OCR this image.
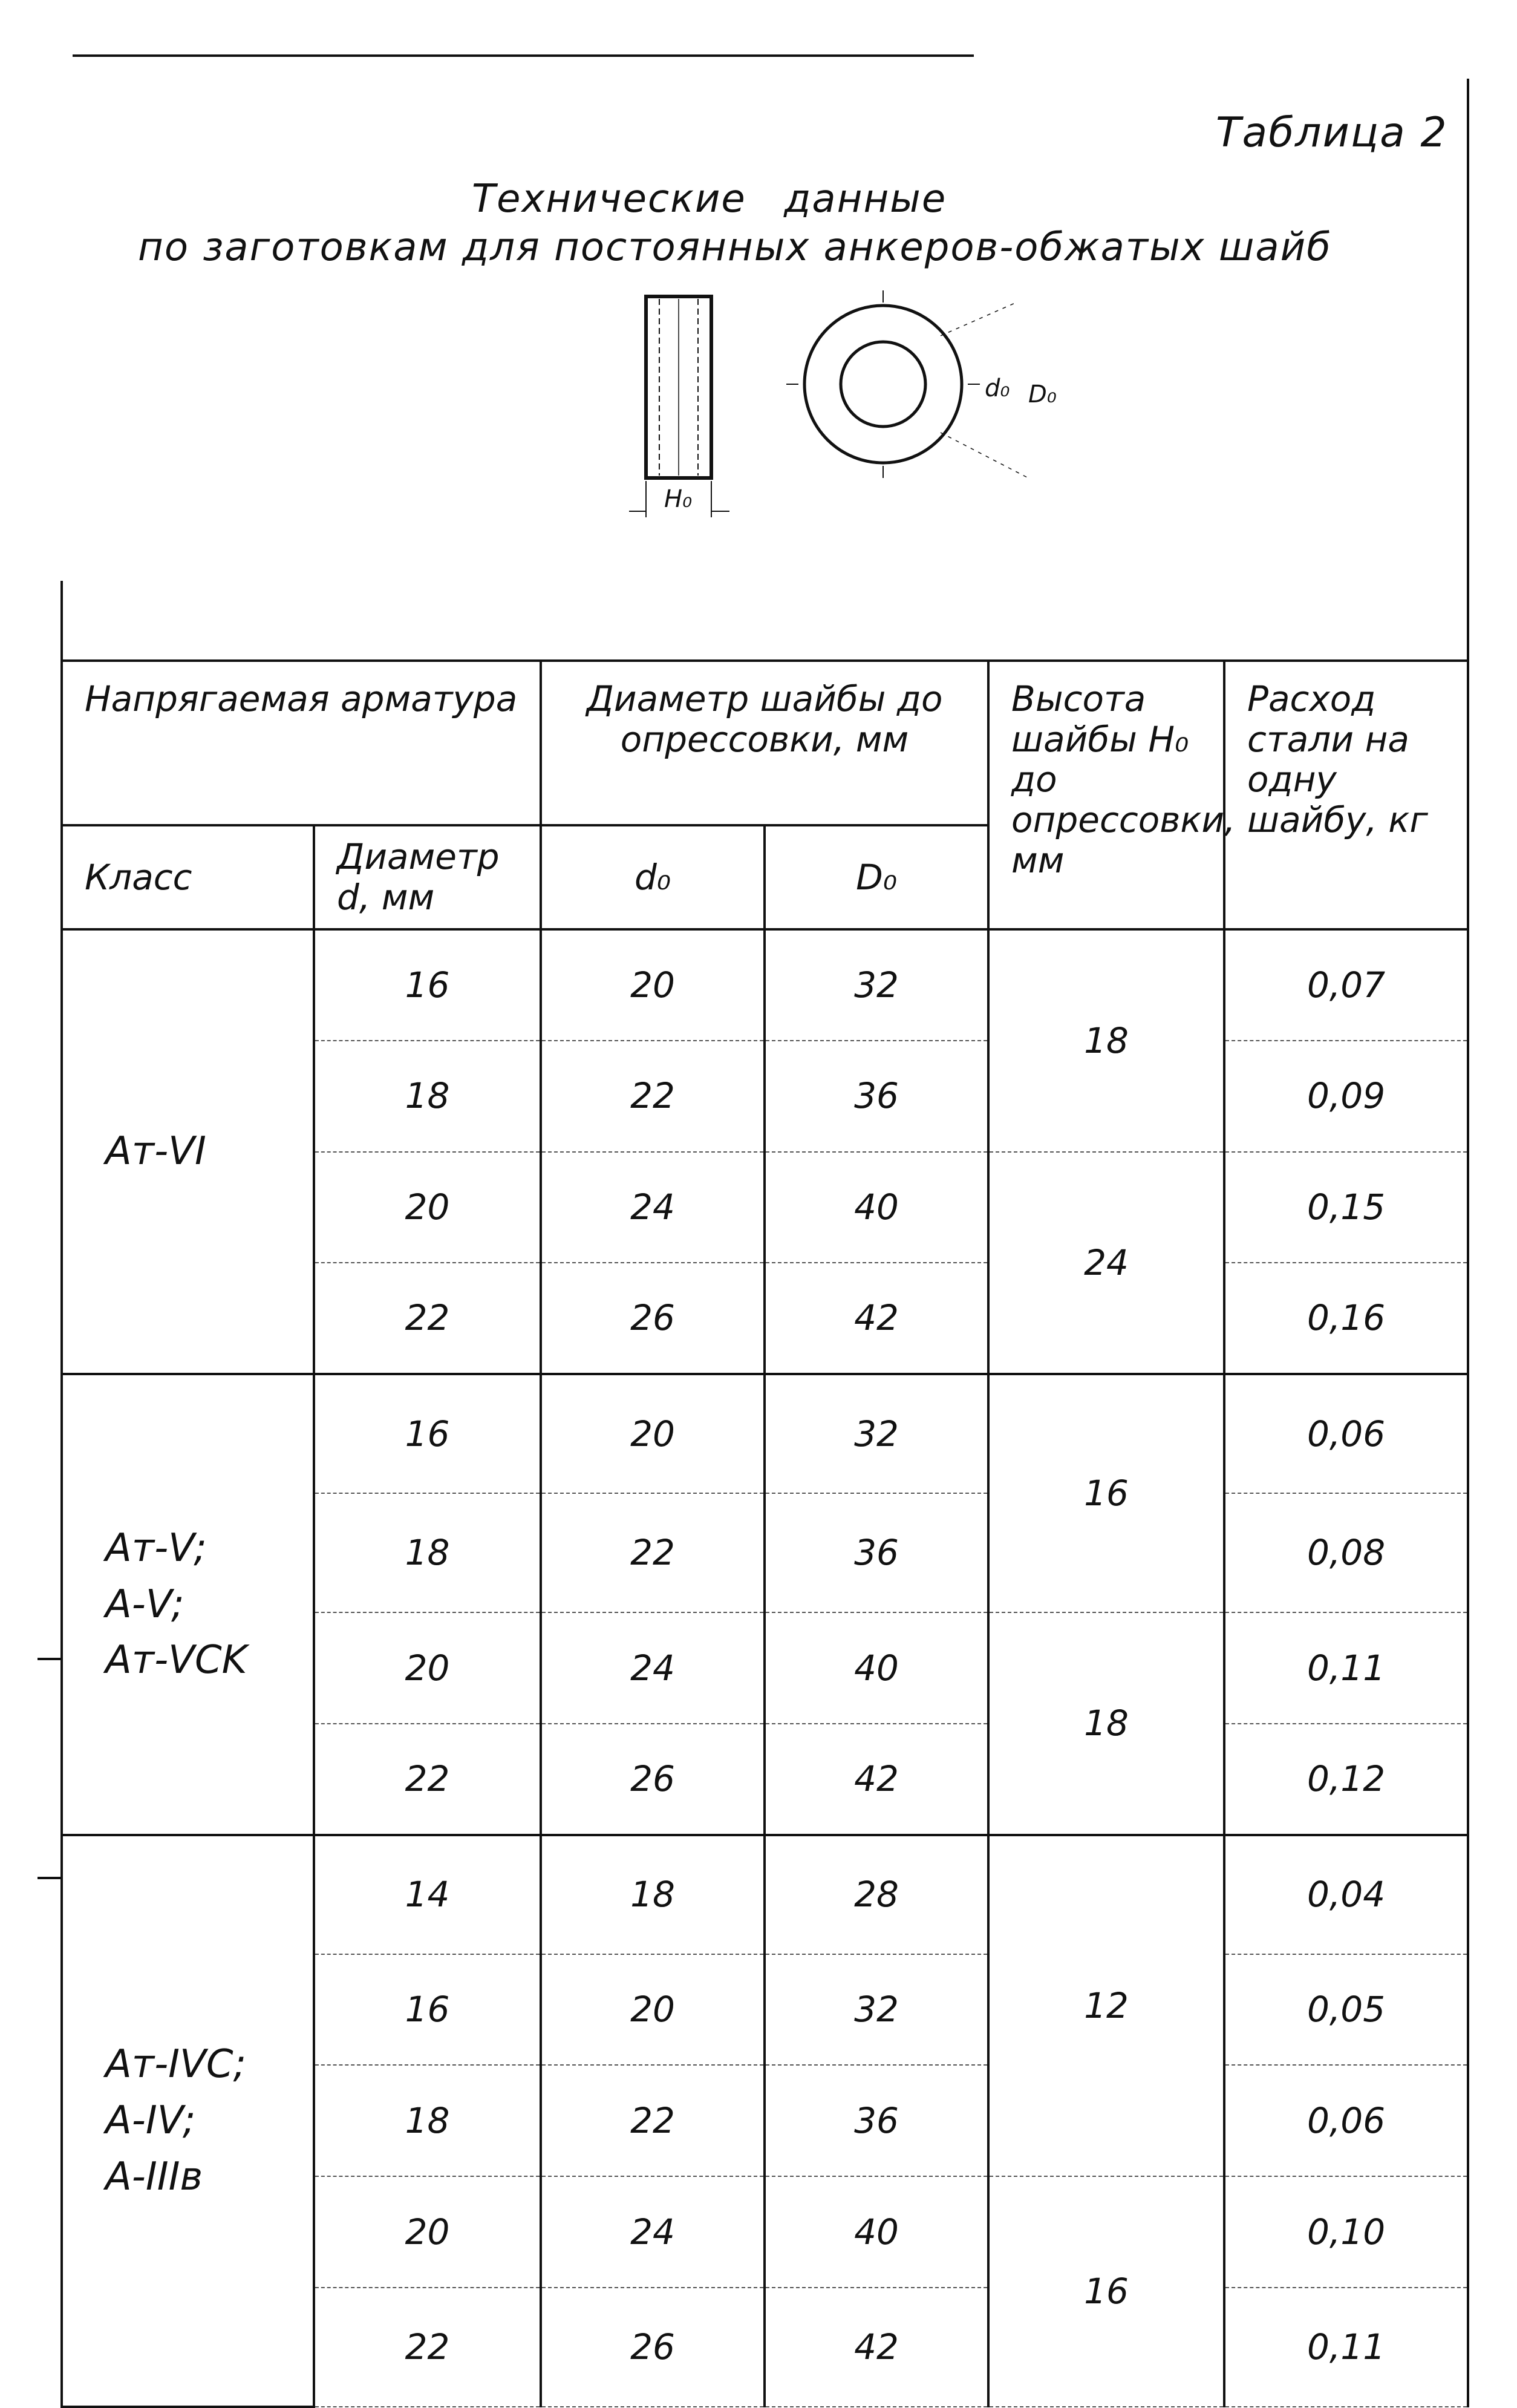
Таблица 2
Технические данные
по заготовкам для постоянных анкеров-обжатых шайб
H₀
d₀ D₀
Напрягаемая арматура		Диаметр шайбы до опрессовки, мм		Высота шайбы H₀ до опрессовки, мм	Расход стали на одну шайбу, кг
Класс	Диаметр d, мм	d₀	D₀		
Ат-VI	16	20	32	18	0,07
	18	22	36		0,09
	20	24	40	24	0,15
	22	26	42		0,16

Ат-V;
А-V;
Ат-VCK	16	20	32	16	0,06
	18	22	36		0,08
	20	24	40	18	0,11
	22	26	42		0,12

Ат-IVC;
А-IV;
А-IIIв	14	18	28	12	0,04
	16	20	32		0,05
	18	22	36		0,06
	20	24	40	16	0,10
	22	26	42		0,11
